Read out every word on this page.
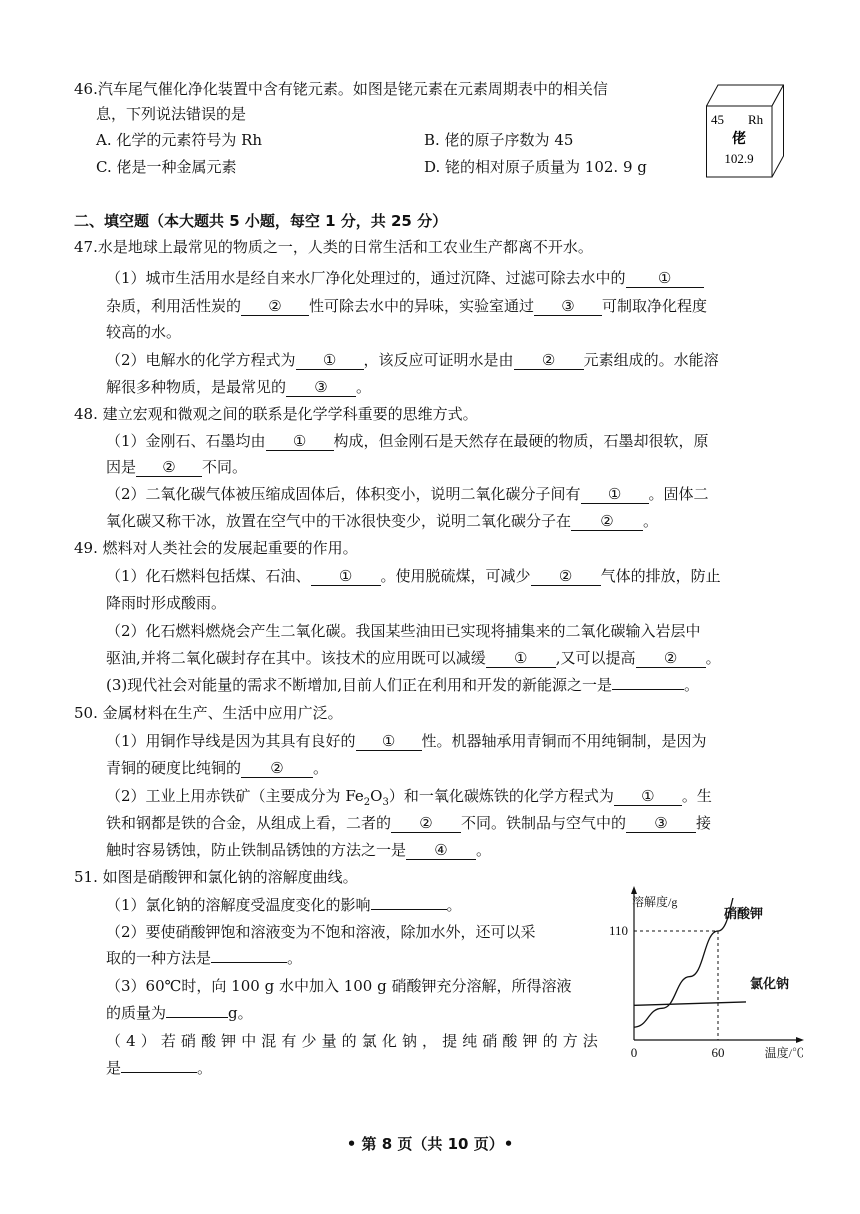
46.汽车尾气催化净化装置中含有铑元素。如图是铑元素在元素周期表中的相关信
息，下列说法错误的是
A. 化学的元素符号为 Rh	B. 佬的原子序数为 45
C. 佬是一种金属元素	D. 铑的相对原子质量为 102. 9 g
45 Rh
佬
102.9
二、填空题（本大题共 5 小题，每空 1 分，共 25 分）
47.水是地球上最常见的物质之一，人类的日常生活和工农业生产都离不开水。
（1）城市生活用水是经自来水厂净化处理过的，通过沉降、过滤可除去水中的 ①
杂质，利用活性炭的 ② 性可除去水中的异味，实验室通过 ③ 可制取净化程度
较高的水。
（2）电解水的化学方程式为 ① ，该反应可证明水是由 ② 元素组成的。水能溶
解很多种物质，是最常见的 ③ 。
48. 建立宏观和微观之间的联系是化学学科重要的思维方式。
（1）金刚石、石墨均由 ① 构成，但金刚石是天然存在最硬的物质，石墨却很软，原
因是 ② 不同。
（2）二氧化碳气体被压缩成固体后，体积变小，说明二氧化碳分子间有 ① 。固体二
氧化碳又称干冰，放置在空气中的干冰很快变少，说明二氧化碳分子在 ② 。
49. 燃料对人类社会的发展起重要的作用。
（1）化石燃料包括煤、石油、 ① 。使用脱硫煤，可减少 ② 气体的排放，防止
降雨时形成酸雨。
（2）化石燃料燃烧会产生二氧化碳。我国某些油田已实现将捕集来的二氧化碳输入岩层中
驱油,并将二氧化碳封存在其中。该技术的应用既可以减缓 ① ,又可以提高 ② 。
(3)现代社会对能量的需求不断增加,目前人们正在利用和开发的新能源之一是	。
50. 金属材料在生产、生活中应用广泛。
（1）用铜作导线是因为其具有良好的 ① 性。机器轴承用青铜而不用纯铜制，是因为
青铜的硬度比纯铜的 ② 。
（2）工业上用赤铁矿（主要成分为 $Fe_2O_3$）和一氧化碳炼铁的化学方程式为 ① 。生
铁和钢都是铁的合金，从组成上看，二者的 ② 不同。铁制品与空气中的 ③ 接
触时容易锈蚀，防止铁制品锈蚀的方法之一是 ④ 。
51. 如图是硝酸钾和氯化钠的溶解度曲线。
（1）氯化钠的溶解度受温度变化的影响	。
（2）要使硝酸钾饱和溶液变为不饱和溶液，除加水外，还可以采
取的一种方法是	。
（3）60℃时，向 100 g 水中加入 100 g 硝酸钾充分溶解，所得溶液
的质量为	g。
（ 4 ） 若 硝 酸 钾 中 混 有 少 量 的 氯 化 钠 ， 提 纯 硝 酸 钾 的 方 法
是	。
溶解度/g
硝酸钾
氯化钠
110
0	60	温度/℃
• 第 8 页（共 10 页）•
